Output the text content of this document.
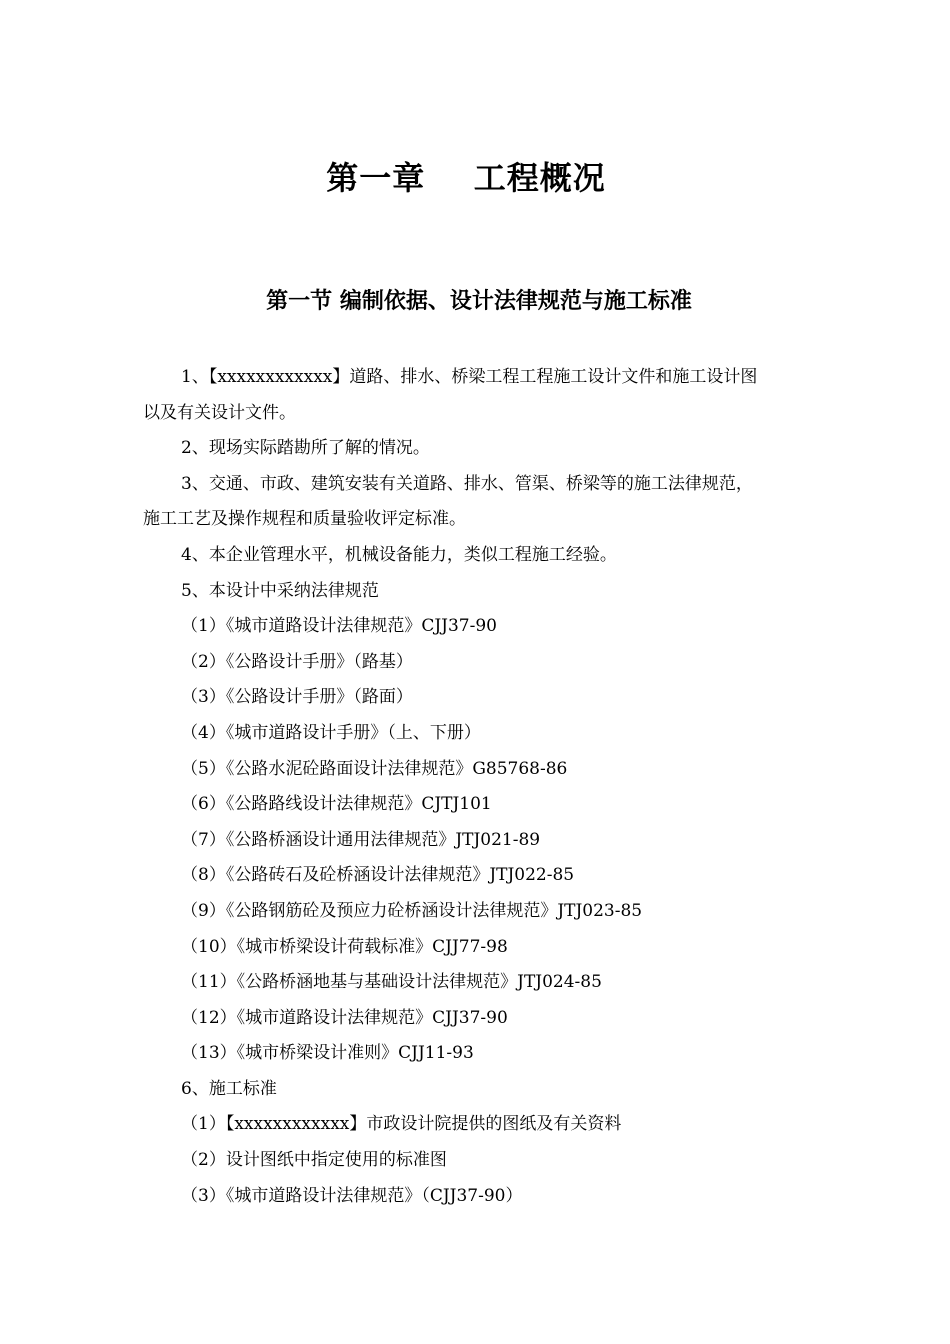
第一章    工程概况
第一节 编制依据、设计法律规范与施工标准
1、【xxxxxxxxxxxx】道路、排水、桥梁工程工程施工设计文件和施工设计图
以及有关设计文件。
2、现场实际踏勘所了解的情况。
3、交通、市政、建筑安装有关道路、排水、管渠、桥梁等的施工法律规范，
施工工艺及操作规程和质量验收评定标准。
4、本企业管理水平，机械设备能力，类似工程施工经验。
5、本设计中采纳法律规范
（1）《城市道路设计法律规范》CJJ37-90
（2）《公路设计手册》（路基）
（3）《公路设计手册》（路面）
（4）《城市道路设计手册》（上、下册）
（5）《公路水泥砼路面设计法律规范》G85768-86
（6）《公路路线设计法律规范》CJTJ101
（7）《公路桥涵设计通用法律规范》JTJ021-89
（8）《公路砖石及砼桥涵设计法律规范》JTJ022-85
（9）《公路钢筋砼及预应力砼桥涵设计法律规范》JTJ023-85
（10）《城市桥梁设计荷载标准》CJJ77-98
（11）《公路桥涵地基与基础设计法律规范》JTJ024-85
（12）《城市道路设计法律规范》CJJ37-90
（13）《城市桥梁设计准则》CJJ11-93
6、施工标准
（1）【xxxxxxxxxxxx】市政设计院提供的图纸及有关资料
（2）设计图纸中指定使用的标准图
（3）《城市道路设计法律规范》（CJJ37-90）
